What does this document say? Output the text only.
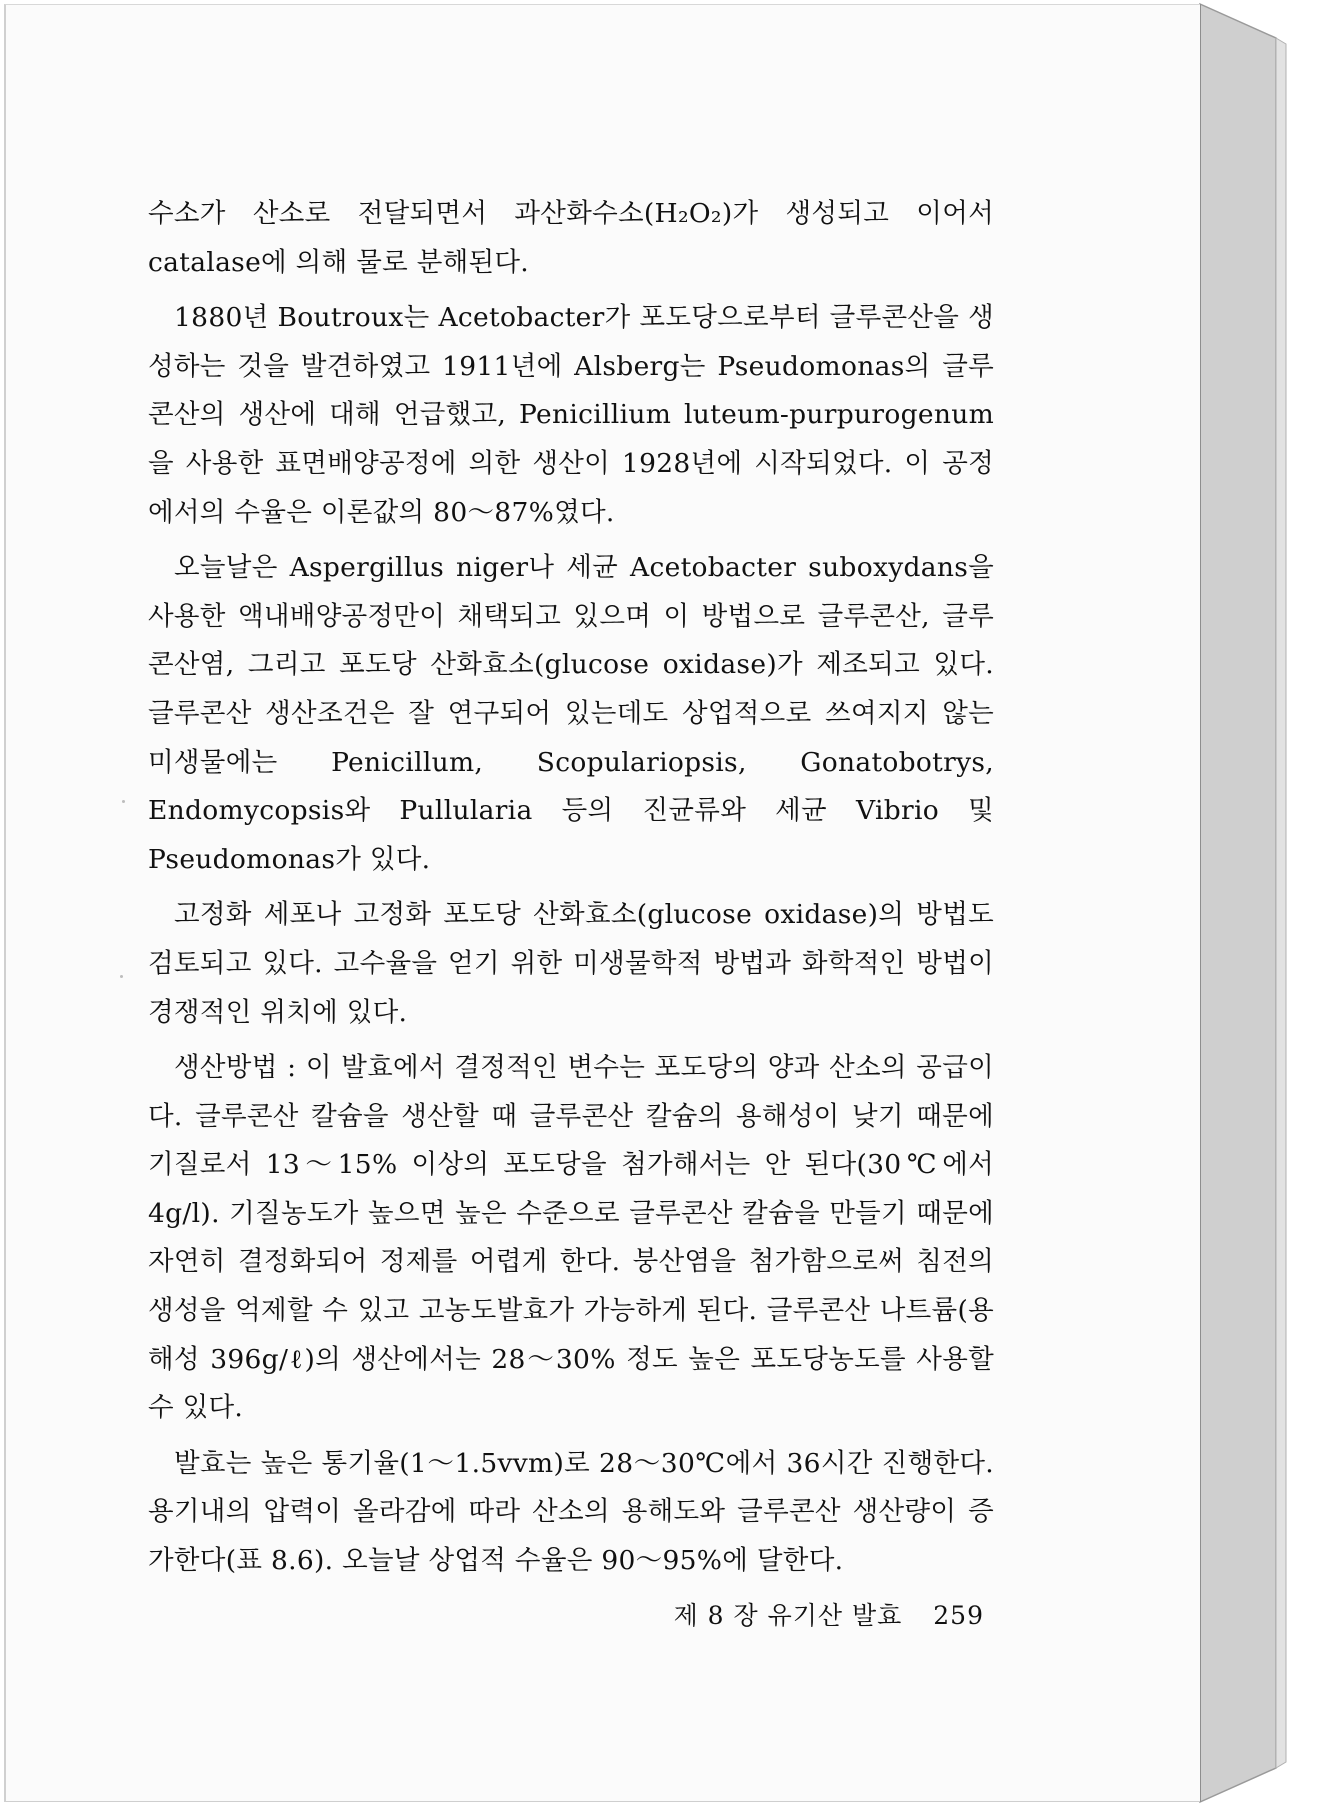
수소가 산소로 전달되면서 과산화수소(H₂O₂)가 생성되고 이어서 catalase에 의해 물로 분해된다.

1880년 Boutroux는 Acetobacter가 포도당으로부터 글루콘산을 생성하는 것을 발견하였고 1911년에 Alsberg는 Pseudomonas의 글루콘산의 생산에 대해 언급했고, Penicillium luteum-purpurogenum을 사용한 표면배양공정에 의한 생산이 1928년에 시작되었다. 이 공정에서의 수율은 이론값의 80～87%였다.

오늘날은 Aspergillus niger나 세균 Acetobacter suboxydans을 사용한 액내배양공정만이 채택되고 있으며 이 방법으로 글루콘산, 글루콘산염, 그리고 포도당 산화효소(glucose oxidase)가 제조되고 있다. 글루콘산 생산조건은 잘 연구되어 있는데도 상업적으로 쓰여지지 않는 미생물에는 Penicillum, Scopulariopsis, Gonatobotrys, Endomycopsis와 Pullularia 등의 진균류와 세균 Vibrio 및 Pseudomonas가 있다.

고정화 세포나 고정화 포도당 산화효소(glucose oxidase)의 방법도 검토되고 있다. 고수율을 얻기 위한 미생물학적 방법과 화학적인 방법이 경쟁적인 위치에 있다.

생산방법 : 이 발효에서 결정적인 변수는 포도당의 양과 산소의 공급이다. 글루콘산 칼슘을 생산할 때 글루콘산 칼슘의 용해성이 낮기 때문에 기질로서 13～15% 이상의 포도당을 첨가해서는 안 된다(30℃에서 4g/l). 기질농도가 높으면 높은 수준으로 글루콘산 칼슘을 만들기 때문에 자연히 결정화되어 정제를 어렵게 한다. 붕산염을 첨가함으로써 침전의 생성을 억제할 수 있고 고농도발효가 가능하게 된다. 글루콘산 나트륨(용해성 396g/ℓ)의 생산에서는 28～30% 정도 높은 포도당농도를 사용할 수 있다.

발효는 높은 통기율(1～1.5vvm)로 28～30℃에서 36시간 진행한다. 용기내의 압력이 올라감에 따라 산소의 용해도와 글루콘산 생산량이 증가한다(표 8.6). 오늘날 상업적 수율은 90～95%에 달한다.

제 8 장 유기산 발효 259
